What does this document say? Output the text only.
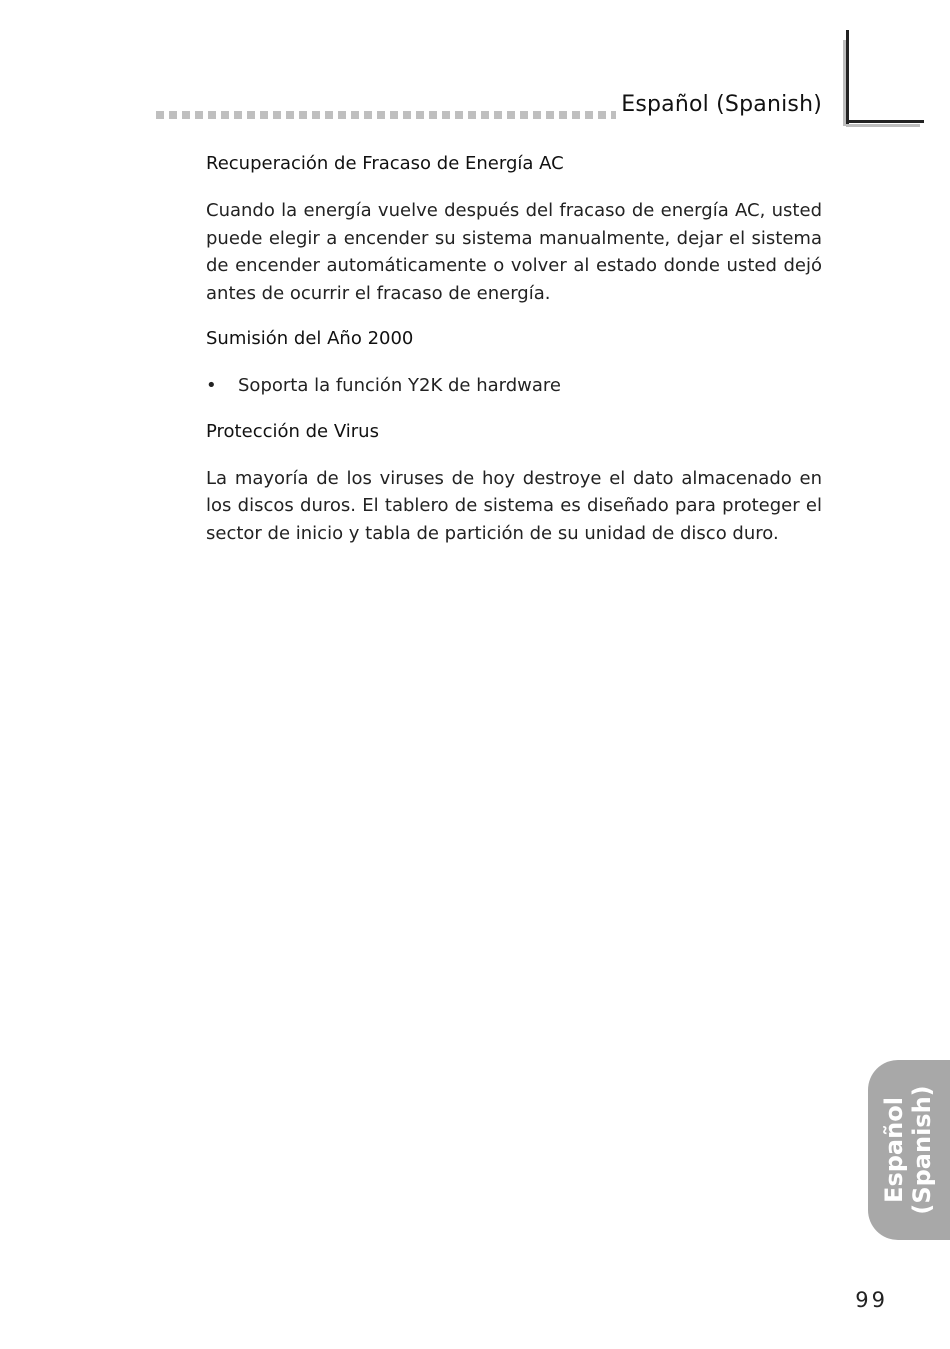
Español (Spanish)
Recuperación de Fracaso de Energía AC

Cuando la energía vuelve después del fracaso de energía AC, usted puede elegir a encender su sistema manualmente, dejar el sistema de encender automáticamente o volver al estado donde usted dejó antes de ocurrir el fracaso de energía.

Sumisión del Año 2000
•	Soporta la función Y2K de hardware
Protección de Virus

La mayoría de los viruses de hoy destroye el dato almacenado en los discos duros. El tablero de sistema es diseñado para proteger el sector de inicio y tabla de partición de su unidad de disco duro.

Español (Spanish)
99
